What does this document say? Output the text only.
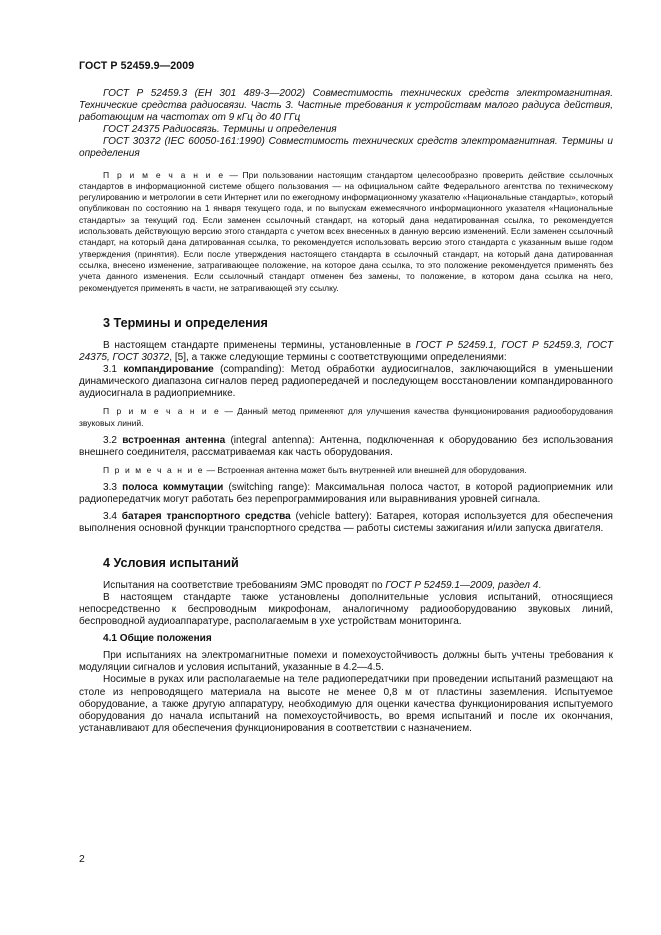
ГОСТ Р 52459.9—2009

ГОСТ Р 52459.3 (ЕН 301 489-3—2002) Совместимость технических средств электромагнитная. Технические средства радиосвязи. Часть 3. Частные требования к устройствам малого радиуса действия, работающим на частотах от 9 кГц до 40 ГГц

ГОСТ 24375 Радиосвязь. Термины и определения

ГОСТ 30372 (IEC 60050-161:1990) Совместимость технических средств электромагнитная. Термины и определения

П р и м е ч а н и е — При пользовании настоящим стандартом целесообразно проверить действие ссылочных стандартов в информационной системе общего пользования — на официальном сайте Федерального агентства по техническому регулированию и метрологии в сети Интернет или по ежегодному информационному указателю «Национальные стандарты», который опубликован по состоянию на 1 января текущего года, и по выпускам ежемесячного информационного указателя «Национальные стандарты» за текущий год. Если заменен ссылочный стандарт, на который дана недатированная ссылка, то рекомендуется использовать действующую версию этого стандарта с учетом всех внесенных в данную версию изменений. Если заменен ссылочный стандарт, на который дана датированная ссылка, то рекомендуется использовать версию этого стандарта с указанным выше годом утверждения (принятия). Если после утверждения настоящего стандарта в ссылочный стандарт, на который дана датированная ссылка, внесено изменение, затрагивающее положение, на которое дана ссылка, то это положение рекомендуется применять без учета данного изменения. Если ссылочный стандарт отменен без замены, то положение, в котором дана ссылка на него, рекомендуется применять в части, не затрагивающей эту ссылку.

3 Термины и определения

В настоящем стандарте применены термины, установленные в ГОСТ Р 52459.1, ГОСТ Р 52459.3, ГОСТ 24375, ГОСТ 30372, [5], а также следующие термины с соответствующими определениями:

3.1 компандирование (companding): Метод обработки аудиосигналов, заключающийся в уменьшении динамического диапазона сигналов перед радиопередачей и последующем восстановлении компандированного аудиосигнала в радиоприемнике.

П р и м е ч а н и е — Данный метод применяют для улучшения качества функционирования радиооборудования звуковых линий.

3.2 встроенная антенна (integral antenna): Антенна, подключенная к оборудованию без использования внешнего соединителя, рассматриваемая как часть оборудования.

П р и м е ч а н и е — Встроенная антенна может быть внутренней или внешней для оборудования.

3.3 полоса коммутации (switching range): Максимальная полоса частот, в которой радиоприемник или радиопередатчик могут работать без перепрограммирования или выравнивания уровней сигнала.

3.4 батарея транспортного средства (vehicle battery): Батарея, которая используется для обеспечения выполнения основной функции транспортного средства — работы системы зажигания и/или запуска двигателя.

4 Условия испытаний

Испытания на соответствие требованиям ЭМС проводят по ГОСТ Р 52459.1—2009, раздел 4.

В настоящем стандарте также установлены дополнительные условия испытаний, относящиеся непосредственно к беспроводным микрофонам, аналогичному радиооборудованию звуковых линий, беспроводной аудиоаппаратуре, располагаемым в ухе устройствам мониторинга.

4.1 Общие положения

При испытаниях на электромагнитные помехи и помехоустойчивость должны быть учтены требования к модуляции сигналов и условия испытаний, указанные в 4.2—4.5.

Носимые в руках или располагаемые на теле радиопередатчики при проведении испытаний размещают на столе из непроводящего материала на высоте не менее 0,8 м от пластины заземления. Испытуемое оборудование, а также другую аппаратуру, необходимую для оценки качества функционирования испытуемого оборудования до начала испытаний на помехоустойчивость, во время испытаний и после их окончания, устанавливают для обеспечения функционирования в соответствии с назначением.

2
